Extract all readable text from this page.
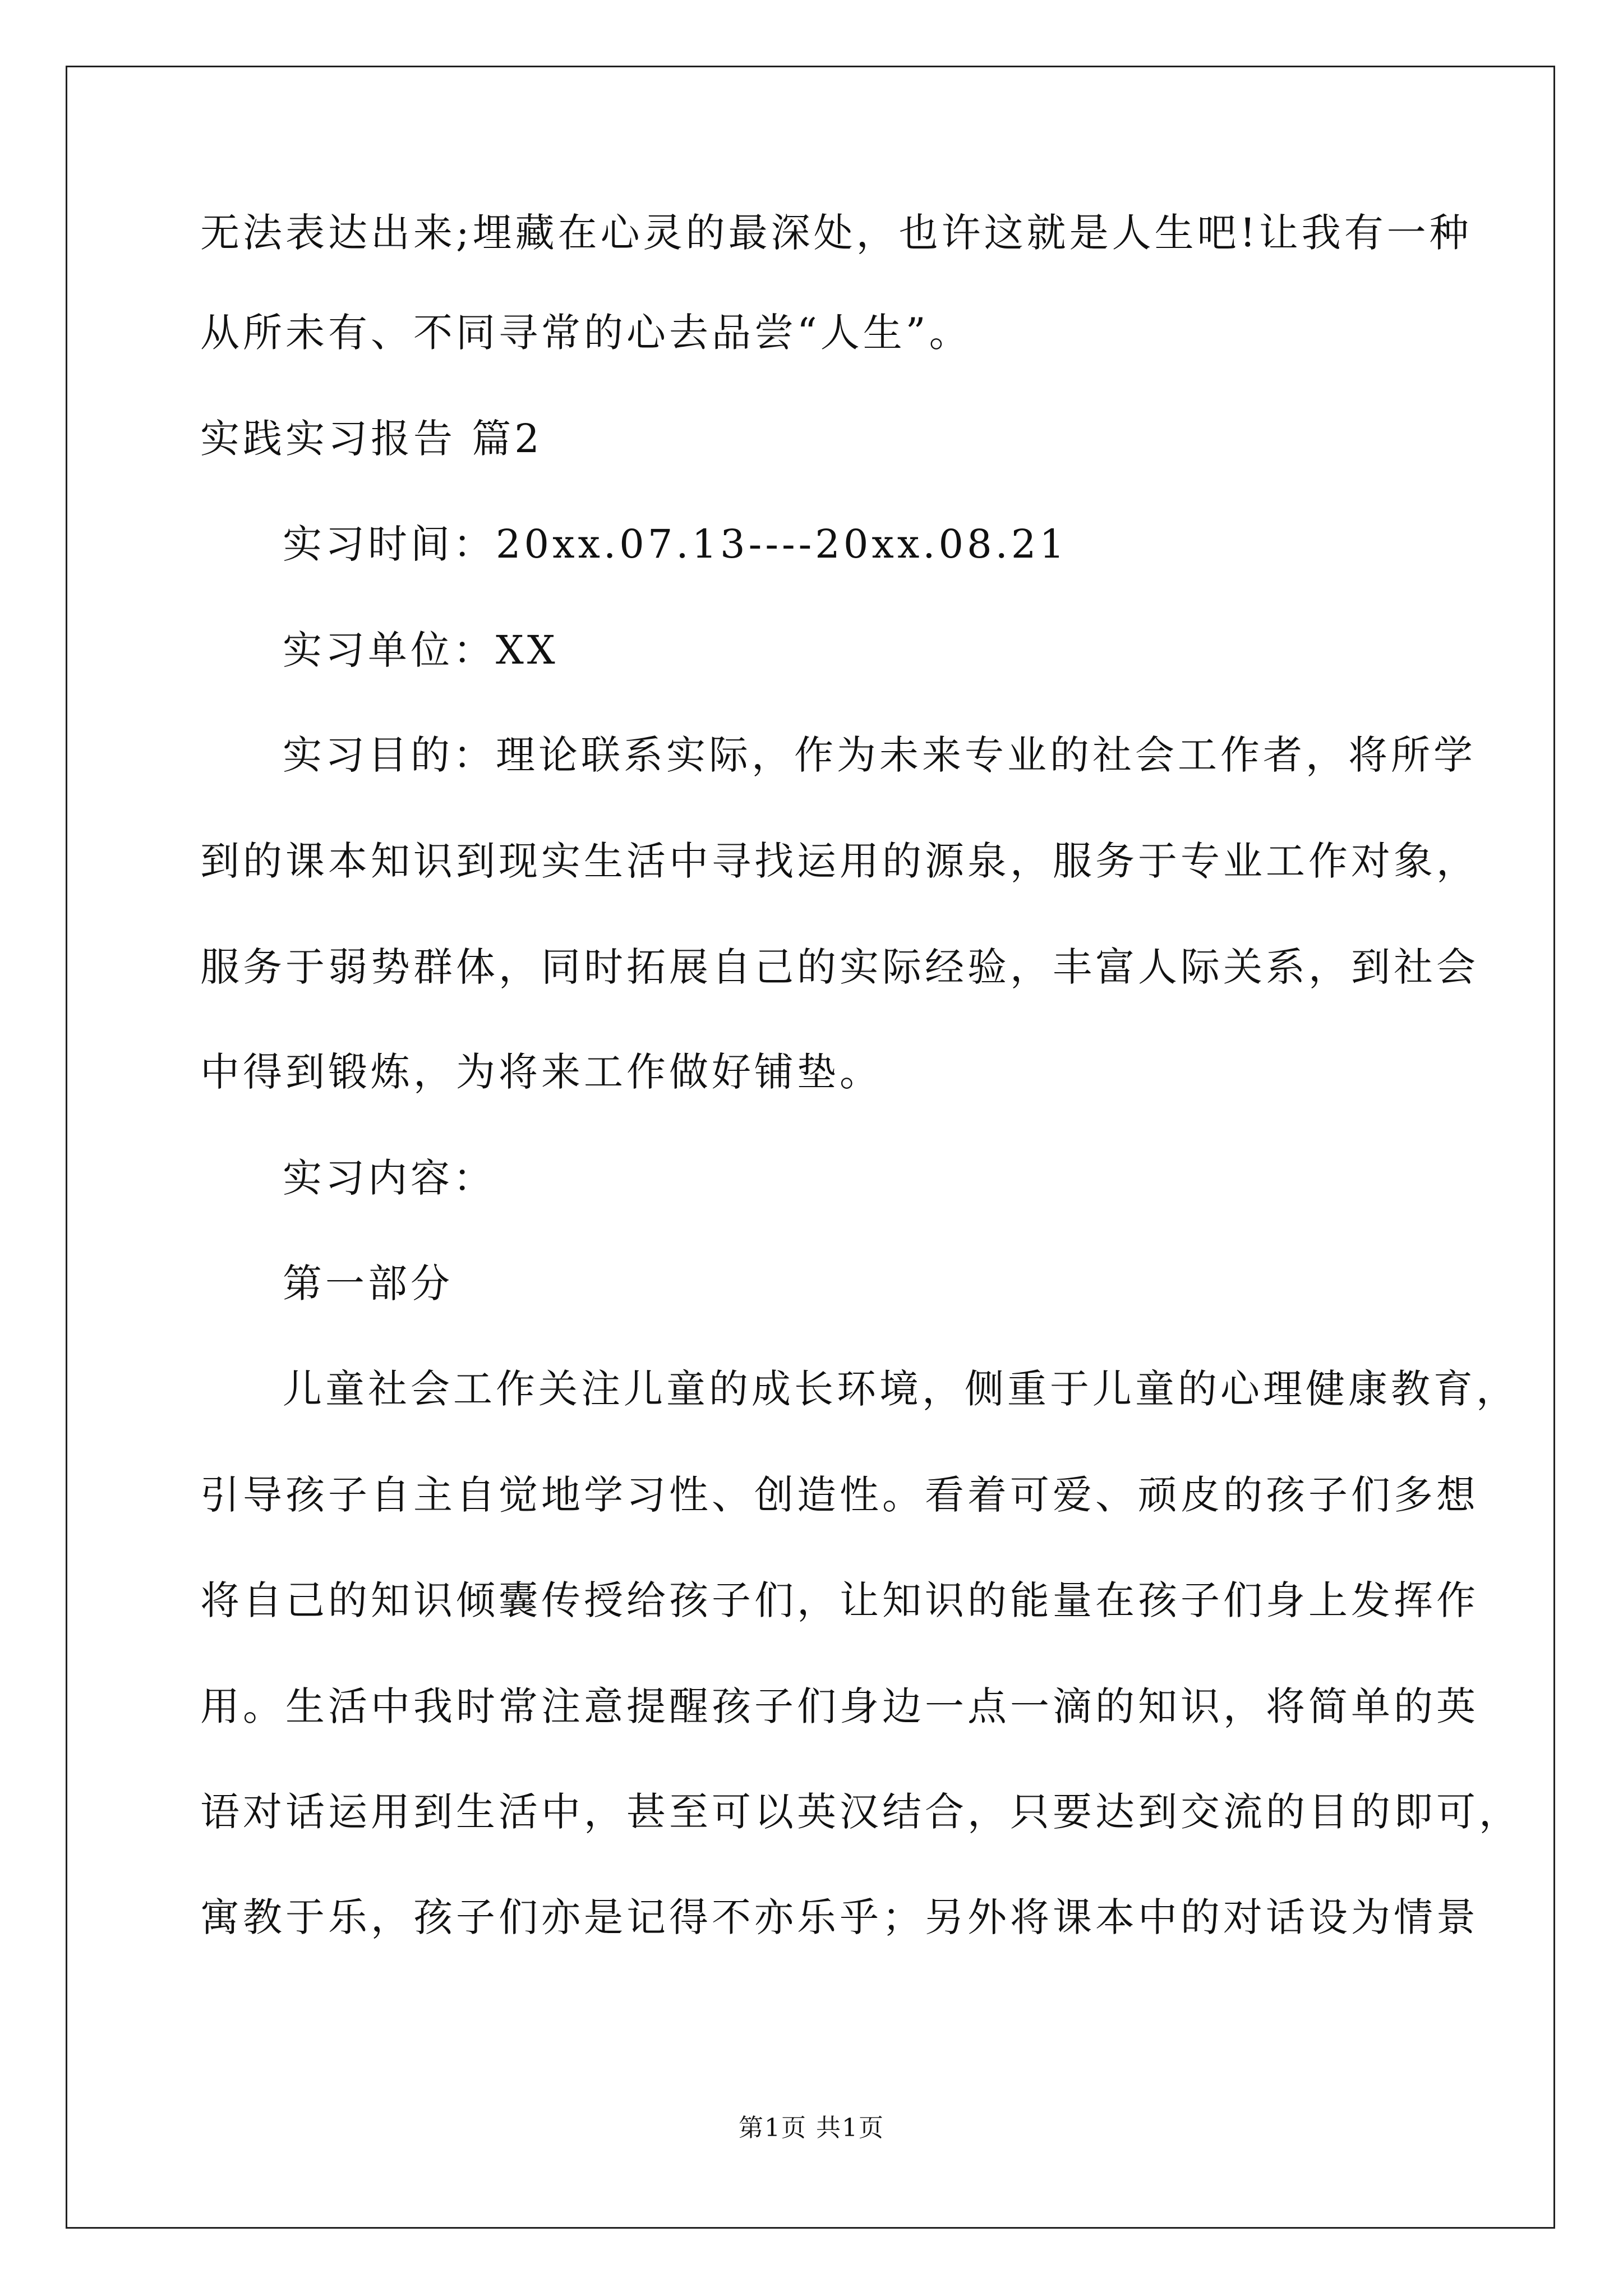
无法表达出来;埋藏在心灵的最深处，也许这就是人生吧!让我有一种
从所未有、不同寻常的心去品尝“人生”。
实践实习报告 篇2
实习时间：20xx.07.13----20xx.08.21
实习单位：XX
实习目的：理论联系实际，作为未来专业的社会工作者，将所学
到的课本知识到现实生活中寻找运用的源泉，服务于专业工作对象，
服务于弱势群体，同时拓展自己的实际经验，丰富人际关系，到社会
中得到锻炼，为将来工作做好铺垫。
实习内容：
第一部分
儿童社会工作关注儿童的成长环境，侧重于儿童的心理健康教育，
引导孩子自主自觉地学习性、创造性。看着可爱、顽皮的孩子们多想
将自己的知识倾囊传授给孩子们，让知识的能量在孩子们身上发挥作
用。生活中我时常注意提醒孩子们身边一点一滴的知识，将简单的英
语对话运用到生活中，甚至可以英汉结合，只要达到交流的目的即可，
寓教于乐，孩子们亦是记得不亦乐乎；另外将课本中的对话设为情景
第1页 共1页
